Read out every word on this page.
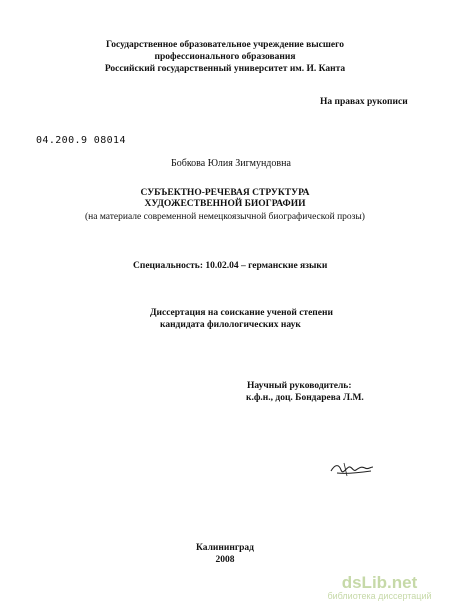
Государственное образовательное учреждение высшего
профессионального образования
Российский государственный университет им. И. Канта
На правах рукописи
04.200.9 08014
Бобкова Юлия Зигмундовна
СУБЪЕКТНО-РЕЧЕВАЯ СТРУКТУРА
ХУДОЖЕСТВЕННОЙ БИОГРАФИИ
(на материале современной немецкоязычной биографической прозы)
Специальность: 10.02.04 – германские языки
Диссертация на соискание ученой степени
кандидата филологических наук
Научный руководитель:
к.ф.н., доц. Бондарева Л.М.
Калининград
2008
dsLib.net
библиотека диссертаций
